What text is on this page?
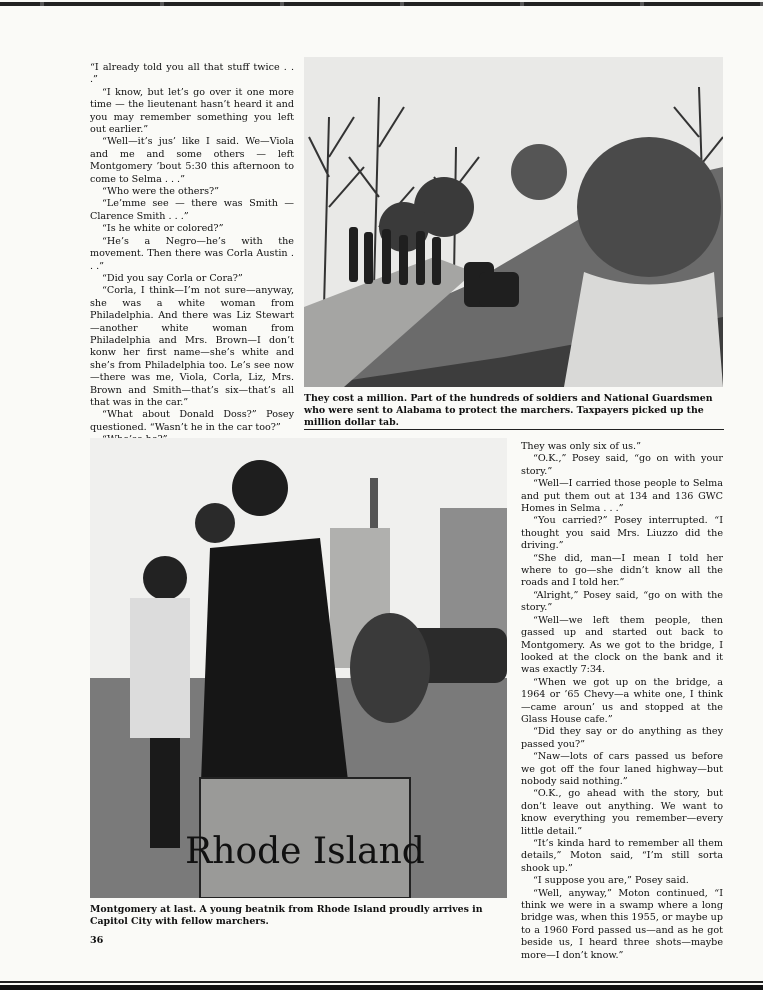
“I already told you all that stuff twice . . .”

“I know, but let’s go over it one more time — the lieutenant hasn’t heard it and you may remember something you left out earlier.”

“Well—it’s jus’ like I said. We—Viola and me and some others — left Montgomery ’bout 5:30 this afternoon to come to Selma . . .”

“Who were the others?”

“Le’mme see — there was Smith — Clarence Smith . . .”

“Is he white or colored?”

“He’s a Negro—he’s with the movement. Then there was Corla Austin . . .”

“Did you say Corla or Cora?”

“Corla, I think—I’m not sure—anyway, she was a white woman from Philadelphia. And there was Liz Stewart—another white woman from Philadelphia and Mrs. Brown—I don’t konw her first name—she’s white and she’s from Philadelphia too. Le’s see now—there was me, Viola, Corla, Liz, Mrs. Brown and Smith—that’s six—that’s all that was in the car.”

“What about Donald Doss?” Posey questioned. “Wasn’t he in the car too?”

They cost a million. Part of the hundreds of soldiers and National Guardsmen who were sent to Alabama to protect the marchers. Taxpayers picked up the million dollar tab.
Rhode Island
Montgomery at last. A young beatnik from Rhode Island proudly arrives in Capitol City with fellow marchers.

They was only six of us.”

“O.K.,” Posey said, “go on with your story.”

“Well—I carried those people to Selma and put them out at 134 and 136 GWC Homes in Selma . . .”

“You carried?” Posey interrupted. “I thought you said Mrs. Liuzzo did the driving.”

“She did, man—I mean I told her where to go—she didn’t know all the roads and I told her.”

“Alright,” Posey said, “go on with the story.”

“Well—we left them people, then gassed up and started out back to Montgomery. As we got to the bridge, I looked at the clock on the bank and it was exactly 7:34.

“When we got up on the bridge, a 1964 or ’65 Chevy—a white one, I think—came aroun’ us and stopped at the Glass House cafe.”

“Did they say or do anything as they passed you?”

“Naw—lots of cars passed us before we got off the four laned highway—but nobody said nothing.”

“O.K., go ahead with the story, but don’t leave out anything. We want to know everything you remember—every little detail.”

“It’s kinda hard to remember all them details,” Moton said, “I’m still sorta shook up.”

“I suppose you are,” Posey said.

“Well, anyway,” Moton continued, “I think we were in a swamp where a long bridge was, when this 1955, or maybe up to a 1960 Ford passed us—and as he got beside us, I heard three shots—maybe more—I don’t know.”

36
